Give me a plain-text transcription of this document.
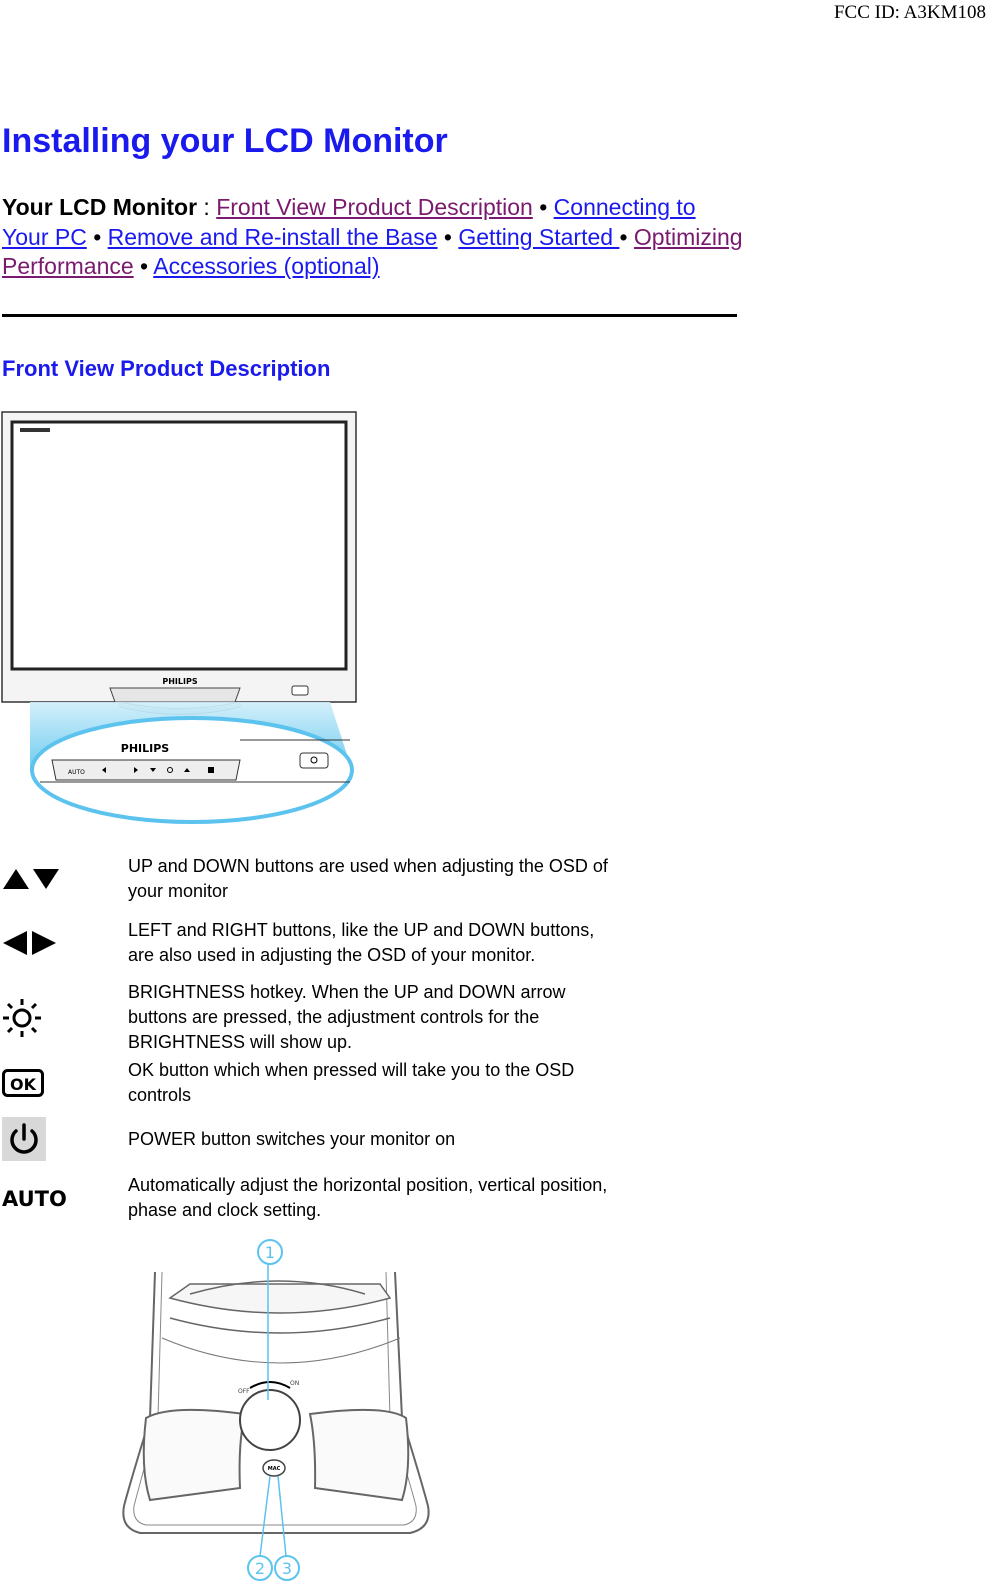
FCC ID: A3KM108
Installing your LCD Monitor
Your LCD Monitor : Front View Product Description • Connecting to Your PC • Remove and Re-install the Base • Getting Started • Optimizing Performance • Accessories (optional)
Front View Product Description
PHILIPS
PHILIPS
AUTO
UP and DOWN buttons are used when adjusting the OSD of your monitor
LEFT and RIGHT buttons, like the UP and DOWN buttons, are also used in adjusting the OSD of your monitor.
BRIGHTNESS hotkey. When the UP and DOWN arrow buttons are pressed, the adjustment controls for the BRIGHTNESS will show up.
OK
OK button which when pressed will take you to the OSD controls
POWER button switches your monitor on
AUTO
Automatically adjust the horizontal position, vertical position, phase and clock setting.
OFF
ON
MAC
1
2 3
